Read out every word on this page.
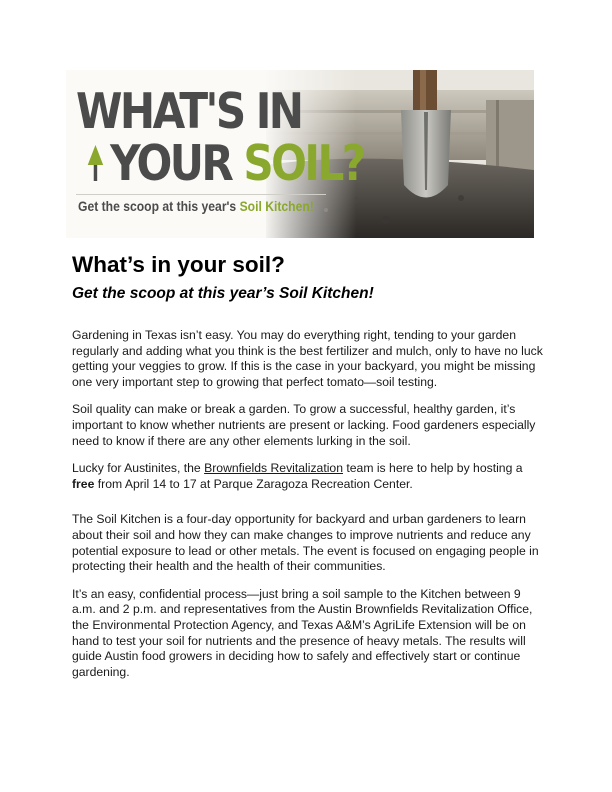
WHAT'S IN
YOUR SOIL?
Get the scoop at this year's Soil Kitchen!
What’s in your soil?
Get the scoop at this year’s Soil Kitchen!

Gardening in Texas isn’t easy. You may do everything right, tending to your garden regularly and adding what you think is the best fertilizer and mulch, only to have no luck getting your veggies to grow. If this is the case in your backyard, you might be missing one very important step to growing that perfect tomato—soil testing.

Soil quality can make or break a garden. To grow a successful, healthy garden, it’s important to know whether nutrients are present or lacking. Food gardeners especially need to know if there are any other elements lurking in the soil.

Lucky for Austinites, the Brownfields Revitalization team is here to help by hosting a free from April 14 to 17 at Parque Zaragoza Recreation Center.

The Soil Kitchen is a four-day opportunity for backyard and urban gardeners to learn about their soil and how they can make changes to improve nutrients and reduce any potential exposure to lead or other metals. The event is focused on engaging people in protecting their health and the health of their communities.

It’s an easy, confidential process—just bring a soil sample to the Kitchen between 9 a.m. and 2 p.m. and representatives from the Austin Brownfields Revitalization Office, the Environmental Protection Agency, and Texas A&M’s AgriLife Extension will be on hand to test your soil for nutrients and the presence of heavy metals. The results will guide Austin food growers in deciding how to safely and effectively start or continue gardening.
